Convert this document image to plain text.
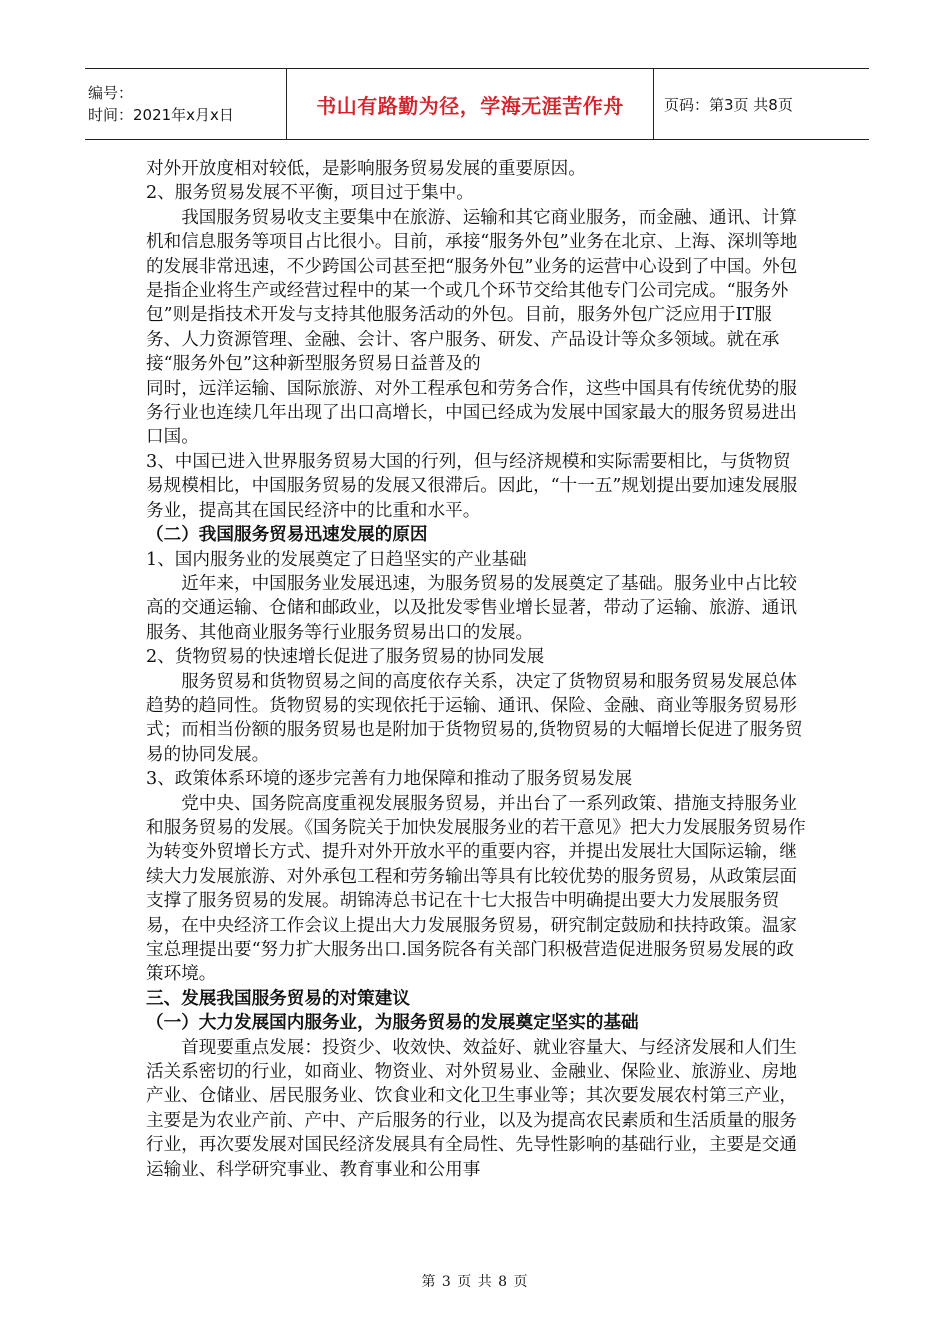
编号：
时间：2021年x月x日	书山有路勤为径，学海无涯苦作舟	页码：第3页 共8页

对外开放度相对较低，是影响服务贸易发展的重要原因。

2、服务贸易发展不平衡，项目过于集中。

我国服务贸易收支主要集中在旅游、运输和其它商业服务，而金融、通讯、计算机和信息服务等项目占比很小。目前，承接“服务外包”业务在北京、上海、深圳等地的发展非常迅速，不少跨国公司甚至把“服务外包”业务的运营中心设到了中国。外包是指企业将生产或经营过程中的某一个或几个环节交给其他专门公司完成。“服务外包”则是指技术开发与支持其他服务活动的外包。目前，服务外包广泛应用于IT服务、人力资源管理、金融、会计、客户服务、研发、产品设计等众多领域。就在承接“服务外包”这种新型服务贸易日益普及的

同时，远洋运输、国际旅游、对外工程承包和劳务合作，这些中国具有传统优势的服务行业也连续几年出现了出口高增长，中国已经成为发展中国家最大的服务贸易进出口国。

3、中国已进入世界服务贸易大国的行列，但与经济规模和实际需要相比，与货物贸易规模相比，中国服务贸易的发展又很滞后。因此，“十一五”规划提出要加速发展服务业，提高其在国民经济中的比重和水平。

（二）我国服务贸易迅速发展的原因

1、国内服务业的发展奠定了日趋坚实的产业基础

近年来，中国服务业发展迅速，为服务贸易的发展奠定了基础。服务业中占比较高的交通运输、仓储和邮政业，以及批发零售业增长显著，带动了运输、旅游、通讯服务、其他商业服务等行业服务贸易出口的发展。

2、货物贸易的快速增长促进了服务贸易的协同发展

服务贸易和货物贸易之间的高度依存关系，决定了货物贸易和服务贸易发展总体趋势的趋同性。货物贸易的实现依托于运输、通讯、保险、金融、商业等服务贸易形式；而相当份额的服务贸易也是附加于货物贸易的,货物贸易的大幅增长促进了服务贸易的协同发展。

3、政策体系环境的逐步完善有力地保障和推动了服务贸易发展

党中央、国务院高度重视发展服务贸易，并出台了一系列政策、措施支持服务业和服务贸易的发展。《国务院关于加快发展服务业的若干意见》把大力发展服务贸易作为转变外贸增长方式、提升对外开放水平的重要内容，并提出发展壮大国际运输，继续大力发展旅游、对外承包工程和劳务输出等具有比较优势的服务贸易，从政策层面支撑了服务贸易的发展。胡锦涛总书记在十七大报告中明确提出要大力发展服务贸易，在中央经济工作会议上提出大力发展服务贸易，研究制定鼓励和扶持政策。温家宝总理提出要“努力扩大服务出口.国务院各有关部门积极营造促进服务贸易发展的政策环境。

三、发展我国服务贸易的对策建议

（一）大力发展国内服务业，为服务贸易的发展奠定坚实的基础

首现要重点发展：投资少、收效快、效益好、就业容量大、与经济发展和人们生活关系密切的行业，如商业、物资业、对外贸易业、金融业、保险业、旅游业、房地产业、仓储业、居民服务业、饮食业和文化卫生事业等；其次要发展农村第三产业，主要是为农业产前、产中、产后服务的行业，以及为提高农民素质和生活质量的服务行业，再次要发展对国民经济发展具有全局性、先导性影响的基础行业，主要是交通运输业、科学研究事业、教育事业和公用事

第 3 页 共 8 页
